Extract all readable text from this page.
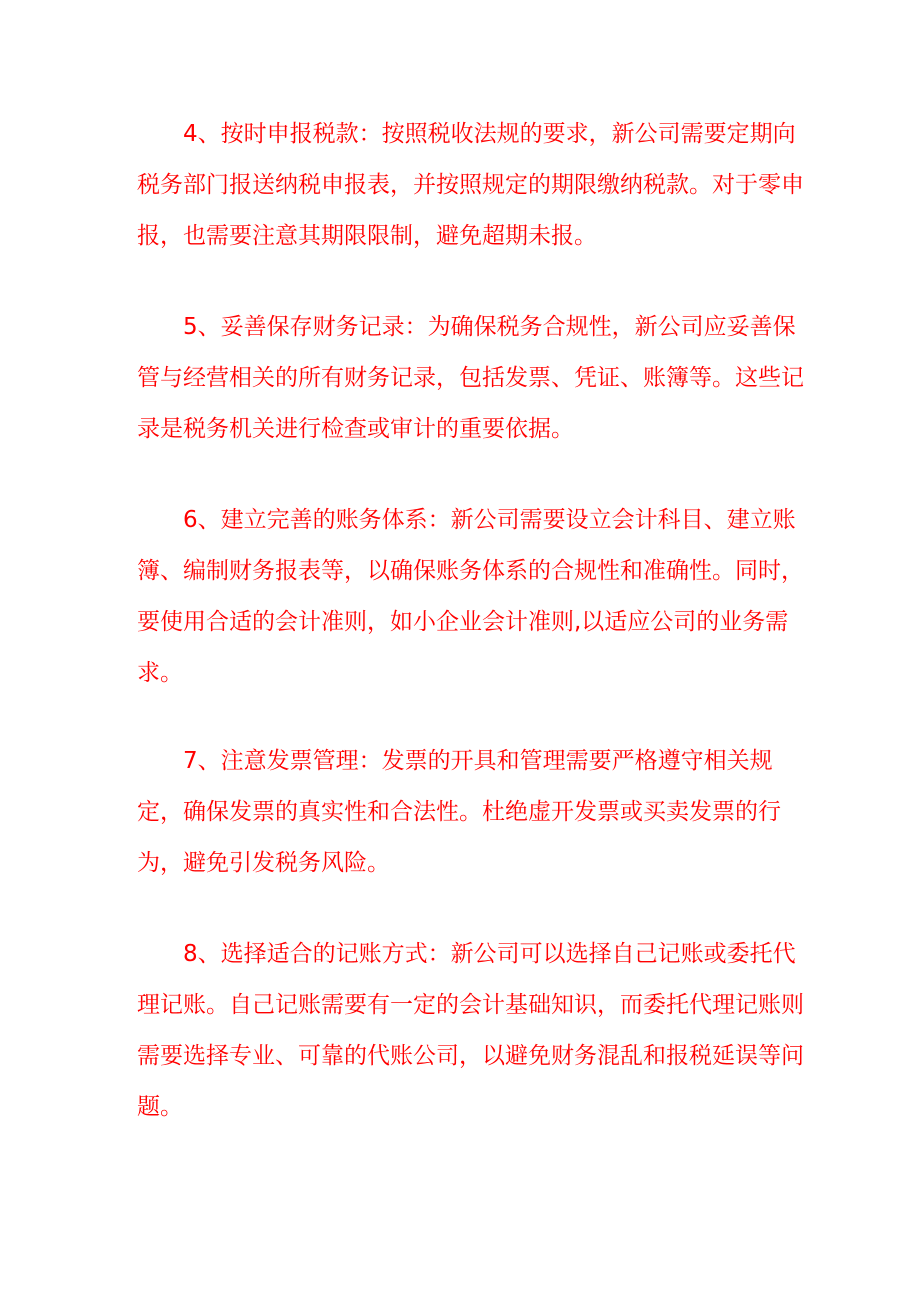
4、按时申报税款：按照税收法规的要求，新公司需要定期向税务部门报送纳税申报表，并按照规定的期限缴纳税款。对于零申报，也需要注意其期限限制，避免超期未报。

5、妥善保存财务记录：为确保税务合规性，新公司应妥善保管与经营相关的所有财务记录，包括发票、凭证、账簿等。这些记录是税务机关进行检查或审计的重要依据。

6、建立完善的账务体系：新公司需要设立会计科目、建立账簿、编制财务报表等，以确保账务体系的合规性和准确性。同时，要使用合适的会计准则，如小企业会计准则,以适应公司的业务需求。

7、注意发票管理：发票的开具和管理需要严格遵守相关规定，确保发票的真实性和合法性。杜绝虚开发票或买卖发票的行为，避免引发税务风险。

8、选择适合的记账方式：新公司可以选择自己记账或委托代理记账。自己记账需要有一定的会计基础知识，而委托代理记账则需要选择专业、可靠的代账公司，以避免财务混乱和报税延误等问题。
